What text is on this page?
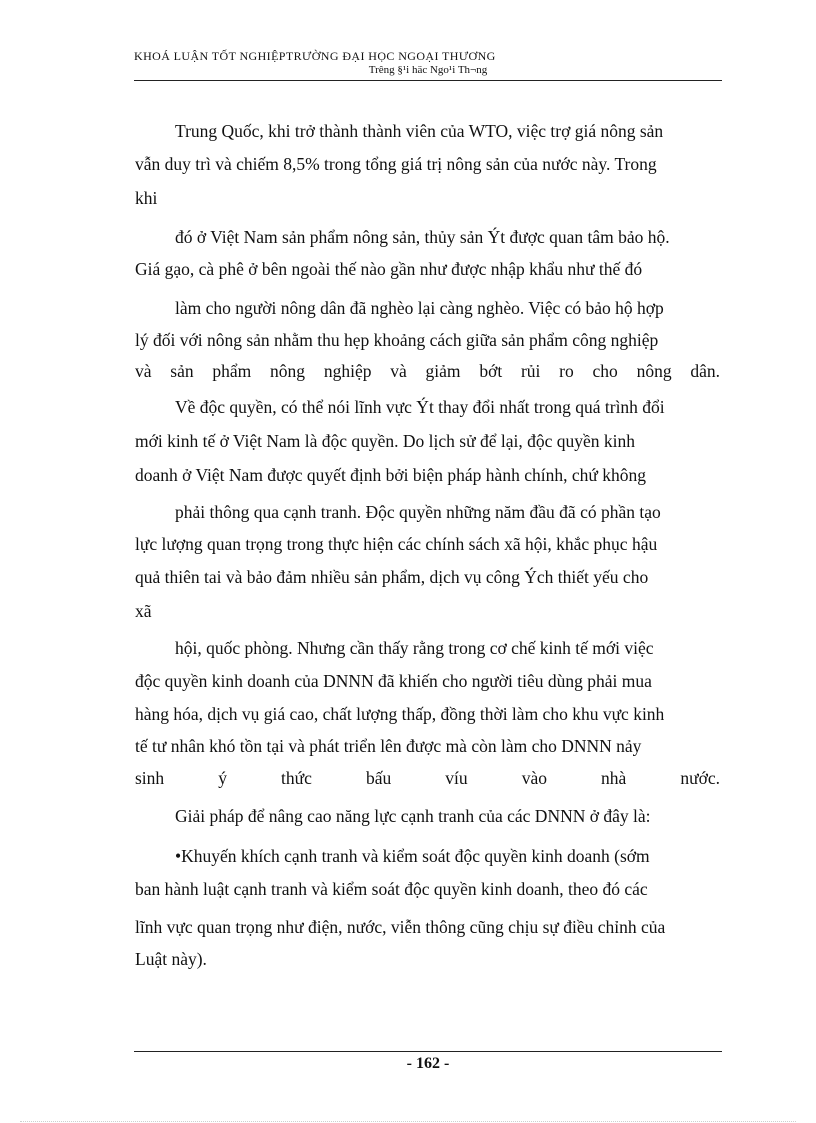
KHOÁ LUẬN TỐT NGHIỆPTRƯỜNG ĐẠI HỌC NGOẠI THƯƠNG
Trêng §¹i häc Ngo¹i Th¬ng
Trung Quốc, khi trở thành thành viên của WTO, việc trợ giá nông sản
vẫn duy trì và chiếm 8,5% trong tổng giá trị nông sản của nước này. Trong
khi
đó ở Việt Nam sản phẩm nông sản, thủy sản Ýt được quan tâm bảo hộ.
Giá gạo, cà phê ở bên ngoài thế nào gần như được nhập khẩu như thế đó
làm cho người nông dân đã nghèo lại càng nghèo. Việc có bảo hộ hợp
lý đối với nông sản nhằm thu hẹp khoảng cách giữa sản phẩm công nghiệp
và sản phẩm nông nghiệp và giảm bớt rủi ro cho nông dân.
Về độc quyền, có thể nói lĩnh vực Ýt thay đổi nhất trong quá trình đổi
mới kinh tế ở Việt Nam là độc quyền. Do lịch sử để lại, độc quyền kinh
doanh ở Việt Nam được quyết định bởi biện pháp hành chính, chứ không
phải thông qua cạnh tranh. Độc quyền những năm đầu đã có phần tạo
lực lượng quan trọng trong thực hiện các chính sách xã hội, khắc phục hậu
quả thiên tai và bảo đảm nhiều sản phẩm, dịch vụ công Ých thiết yếu cho
xã
hội, quốc phòng. Nhưng cần thấy rằng trong cơ chế kinh tế mới việc
độc quyền kinh doanh của DNNN đã khiến cho người tiêu dùng phải mua
hàng hóa, dịch vụ giá cao, chất lượng thấp, đồng thời làm cho khu vực kinh
tế tư nhân khó tồn tại và phát triển lên được mà còn làm cho DNNN nảy
sinh ý thức bấu víu vào nhà nước.
Giải pháp để nâng cao năng lực cạnh tranh của các DNNN ở đây là:
•Khuyến khích cạnh tranh và kiểm soát độc quyền kinh doanh (sớm
ban hành luật cạnh tranh và kiểm soát độc quyền kinh doanh, theo đó các
lĩnh vực quan trọng như điện, nước, viễn thông cũng chịu sự điều chỉnh của
Luật này).
- 162 -
